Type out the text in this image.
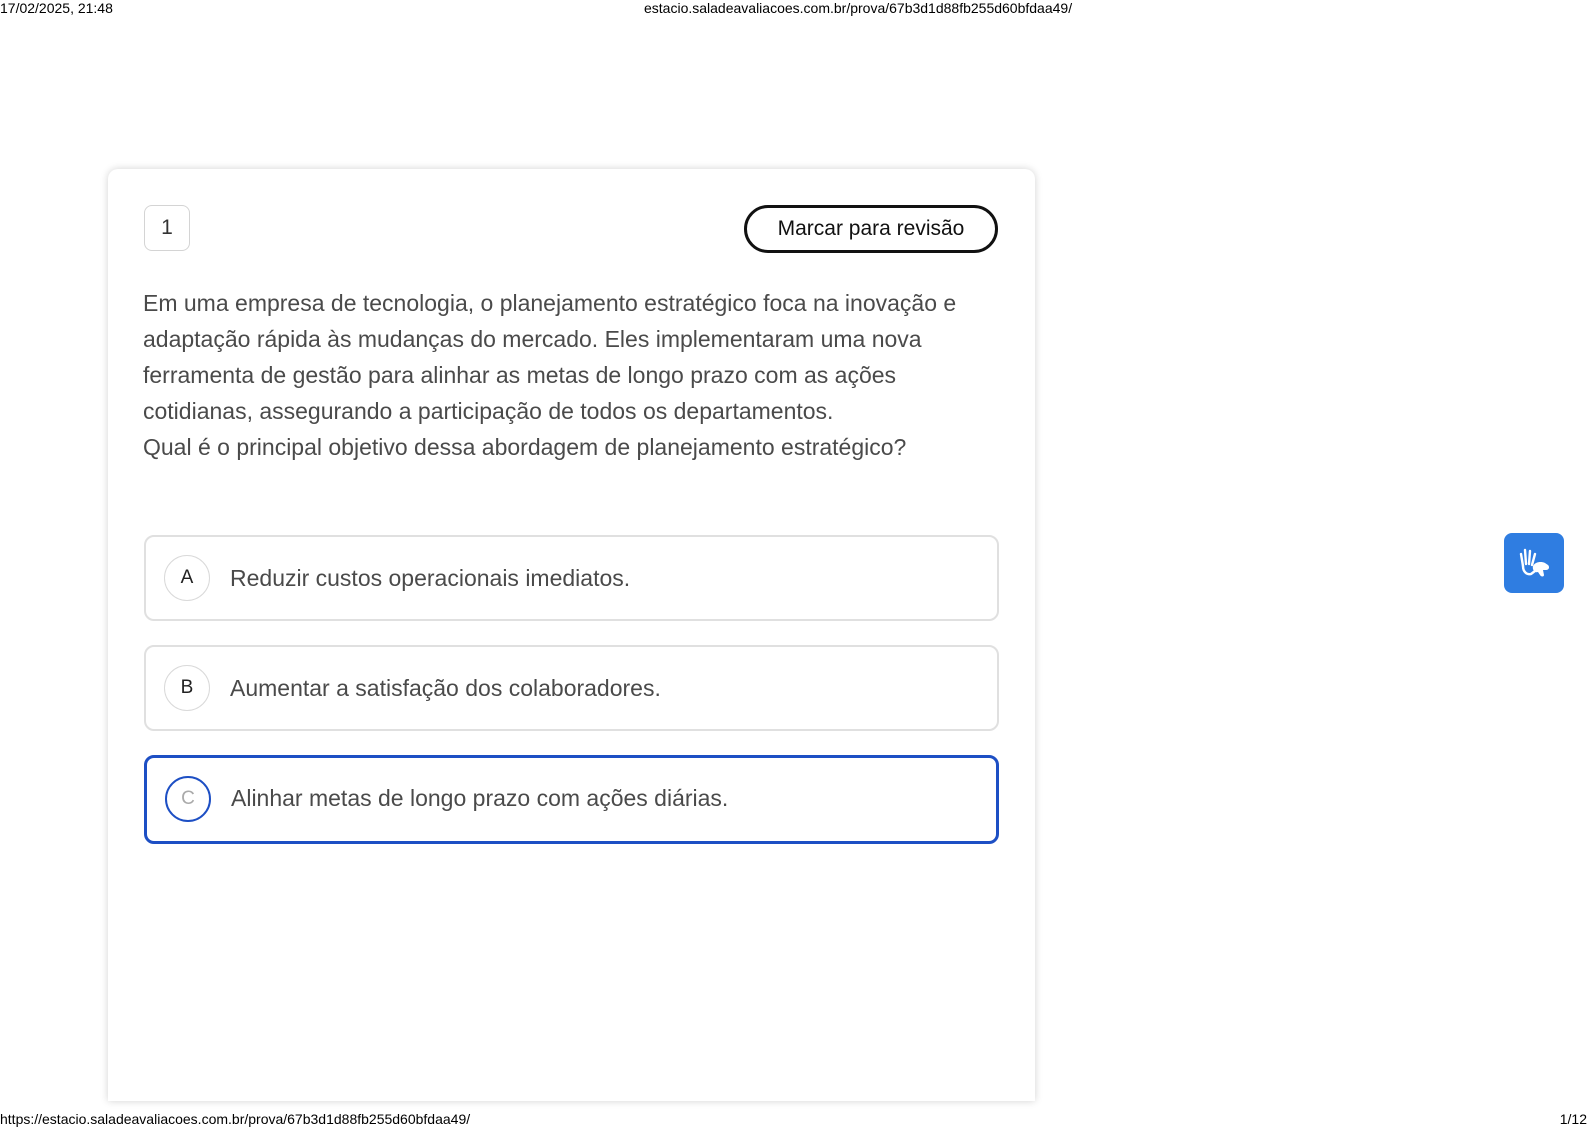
17/02/2025, 21:48	estacio.saladeavaliacoes.com.br/prova/67b3d1d88fb255d60bfdaa49/
1	Marcar para revisão

Em uma empresa de tecnologia, o planejamento estratégico foca na inovação e adaptação rápida às mudanças do mercado. Eles implementaram uma nova ferramenta de gestão para alinhar as metas de longo prazo com as ações cotidianas, assegurando a participação de todos os departamentos.

Qual é o principal objetivo dessa abordagem de planejamento estratégico?

A	Reduzir custos operacionais imediatos.
B	Aumentar a satisfação dos colaboradores.
C	Alinhar metas de longo prazo com ações diárias.
https://estacio.saladeavaliacoes.com.br/prova/67b3d1d88fb255d60bfdaa49/	1/12
